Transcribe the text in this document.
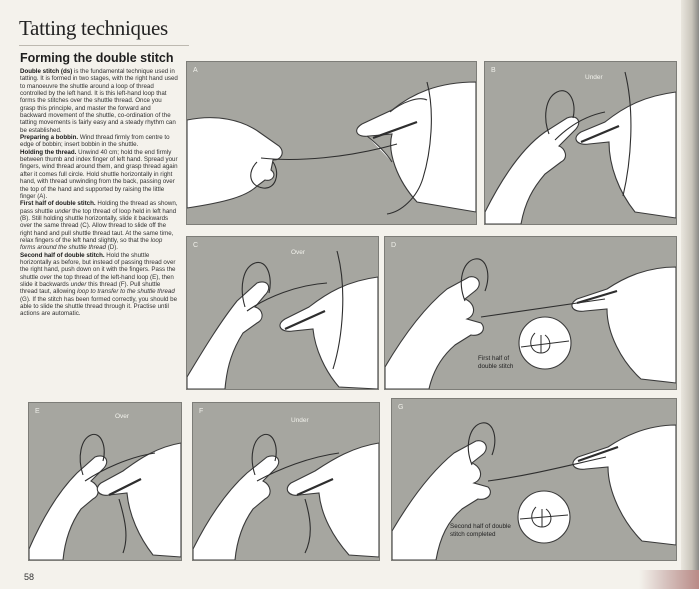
Tatting techniques
Forming the double stitch

Double stitch (ds) is the fundamental technique used in tatting. It is formed in two stages, with the right hand used to manoeuvre the shuttle around a loop of thread controlled by the left hand. It is this left-hand loop that forms the stitches over the shuttle thread. Once you grasp this principle, and master the forward and backward movement of the shuttle, co-ordination of the tatting movements is fairly easy and a steady rhythm can be established.

Preparing a bobbin. Wind thread firmly from centre to edge of bobbin; insert bobbin in the shuttle.

Holding the thread. Unwind 40 cm; hold the end firmly between thumb and index finger of left hand. Spread your fingers, wind thread around them, and grasp thread again after it comes full circle. Hold shuttle horizontally in right hand, with thread unwinding from the back, passing over the top of the hand and supported by raising the little finger (A).

First half of double stitch. Holding the thread as shown, pass shuttle under the top thread of loop held in left hand (B). Still holding shuttle horizontally, slide it backwards over the same thread (C). Allow thread to slide off the right hand and pull shuttle thread taut. At the same time, relax fingers of the left hand slightly, so that the loop forms around the shuttle thread (D).

Second half of double stitch. Hold the shuttle horizontally as before, but instead of passing thread over the right hand, push down on it with the fingers. Pass the shuttle over the top thread of the left-hand loop (E), then slide it backwards under this thread (F). Pull shuttle thread taut, allowing loop to transfer to the shuttle thread (G). If the stitch has been formed correctly, you should be able to slide the shuttle thread through it. Practise until actions are automatic.

A	B
Under
C
Over
D
First half of
double stitch
E
Over
F
Under
G
Second half of double
stitch completed
58
